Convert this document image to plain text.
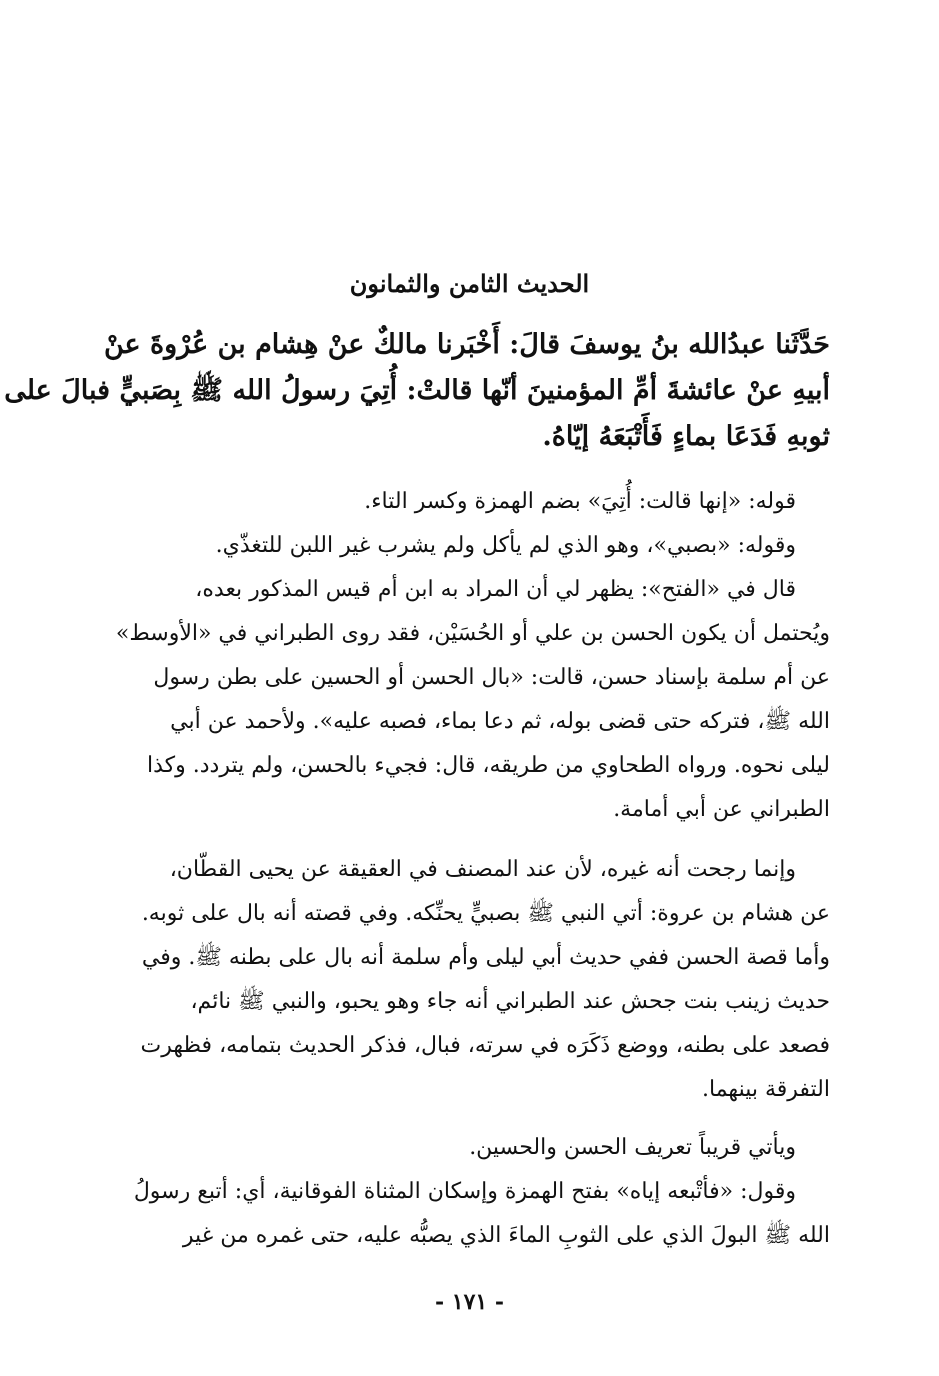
الحديث الثامن والثمانون
حَدَّثَنا عبدُالله بنُ يوسفَ قالَ: أَخْبَرنا مالكٌ عنْ هِشام بن عُرْوةَ عنْ
أبيهِ عنْ عائشةَ أمِّ المؤمنينَ أنّها قالتْ: أُتِيَ رسولُ الله ﷺ بِصَبيٍّ فبالَ على
ثوبهِ فَدَعَا بماءٍ فَأَتْبَعَهُ إيّاهُ.
قوله: «إنها قالت: أُتِيَ» بضم الهمزة وكسر التاء.
وقوله: «بصبي»، وهو الذي لم يأكل ولم يشرب غير اللبن للتغذّي.
قال في «الفتح»: يظهر لي أن المراد به ابن أم قيس المذكور بعده،
ويُحتمل أن يكون الحسن بن علي أو الحُسَيْن، فقد روى الطبراني في «الأوسط»
عن أم سلمة بإسناد حسن، قالت: «بال الحسن أو الحسين على بطن رسول
الله ﷺ، فتركه حتى قضى بوله، ثم دعا بماء، فصبه عليه». ولأحمد عن أبي
ليلى نحوه. ورواه الطحاوي من طريقه، قال: فجيء بالحسن، ولم يتردد. وكذا
الطبراني عن أبي أمامة.
وإنما رجحت أنه غيره، لأن عند المصنف في العقيقة عن يحيى القطّان،
عن هشام بن عروة: أتي النبي ﷺ بصبيٍّ يحنِّكه. وفي قصته أنه بال على ثوبه.
وأما قصة الحسن ففي حديث أبي ليلى وأم سلمة أنه بال على بطنه ﷺ. وفي
حديث زينب بنت جحش عند الطبراني أنه جاء وهو يحبو، والنبي ﷺ نائم،
فصعد على بطنه، ووضع ذَكَرَه في سرته، فبال، فذكر الحديث بتمامه، فظهرت
التفرقة بينهما.
ويأتي قريباً تعريف الحسن والحسين.
وقول: «فأتْبعه إياه» بفتح الهمزة وإسكان المثناة الفوقانية، أي: أتبع رسولُ
الله ﷺ البولَ الذي على الثوبِ الماءَ الذي يصبُّه عليه، حتى غمره من غير
- ١٧١ -
